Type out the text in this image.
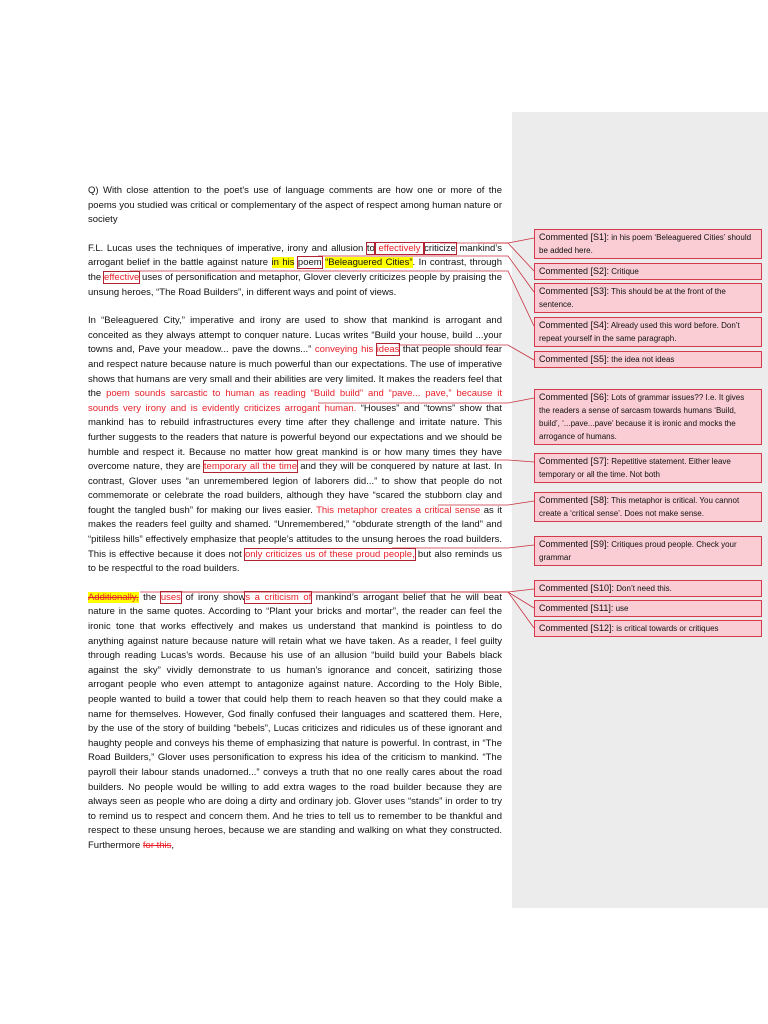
Q) With close attention to the poet's use of language comments are how one or more of the poems you studied was critical or complementary of the aspect of respect among human nature or society

F.L. Lucas uses the techniques of imperative, irony and allusion to effectively criticize mankind’s arrogant belief in the battle against nature in his poem “Beleaguered Cities”. In contrast, through the effective uses of personification and metaphor, Glover cleverly criticizes people by praising the unsung heroes, “The Road Builders”, in different ways and point of views.

In “Beleaguered City,” imperative and irony are used to show that mankind is arrogant and conceited as they always attempt to conquer nature. Lucas writes “Build your house, build ...your towns and, Pave your meadow... pave the downs...” conveying his ideas that people should fear and respect nature because nature is much powerful than our expectations. The use of imperative shows that humans are very small and their abilities are very limited. It makes the readers feel that the poem sounds sarcastic to human as reading “Build build” and “pave... pave,” because it sounds very irony and is evidently criticizes arrogant human. “Houses” and “towns” show that mankind has to rebuild infrastructures every time after they challenge and irritate nature. This further suggests to the readers that nature is powerful beyond our expectations and we should be humble and respect it. Because no matter how great mankind is or how many times they have overcome nature, they are temporary all the time and they will be conquered by nature at last. In contrast, Glover uses “an unremembered legion of laborers did...” to show that people do not commemorate or celebrate the road builders, although they have “scared the stubborn clay and fought the tangled bush” for making our lives easier. This metaphor creates a critical sense as it makes the readers feel guilty and shamed. “Unremembered,” “obdurate strength of the land” and “pitiless hills” effectively emphasize that people’s attitudes to the unsung heroes the road builders. This is effective because it does not only criticizes us of these proud people, but also reminds us to be respectful to the road builders.

Additionally, the uses of irony shows a criticism of mankind’s arrogant belief that he will beat nature in the same quotes. According to “Plant your bricks and mortar”, the reader can feel the ironic tone that works effectively and makes us understand that mankind is pointless to do anything against nature because nature will retain what we have taken. As a reader, I feel guilty through reading Lucas’s words. Because his use of an allusion “build build your Babels black against the sky” vividly demonstrate to us human’s ignorance and conceit, satirizing those arrogant people who even attempt to antagonize against nature. According to the Holy Bible, people wanted to build a tower that could help them to reach heaven so that they could make a name for themselves. However, God finally confused their languages and scattered them. Here, by the use of the story of building “bebels”, Lucas criticizes and ridicules us of these ignorant and haughty people and conveys his theme of emphasizing that nature is powerful. In contrast, in “The Road Builders,” Glover uses personification to express his idea of the criticism to mankind. “The payroll their labour stands unadorned...” conveys a truth that no one really cares about the road builders. No people would be willing to add extra wages to the road builder because they are always seen as people who are doing a dirty and ordinary job. Glover uses “stands” in order to try to remind us to respect and concern them. And he tries to tell us to remember to be thankful and respect to these unsung heroes, because we are standing and walking on what they constructed. Furthermore for this,

Commented [S1]: in his poem ‘Beleaguered Cities’ should be added here.
Commented [S2]: Critique
Commented [S3]: This should be at the front of the sentence.
Commented [S4]: Already used this word before. Don’t repeat yourself in the same paragraph.
Commented [S5]: the idea not ideas
Commented [S6]: Lots of grammar issues?? I.e. It gives the readers a sense of sarcasm towards humans ‘Build, build’, ‘...pave...pave’ because it is ironic and mocks the arrogance of humans.
Commented [S7]: Repetitive statement. Either leave temporary or all the time. Not both
Commented [S8]: This metaphor is critical. You cannot create a ‘critical sense’. Does not make sense.
Commented [S9]: Critiques proud people. Check your grammar
Commented [S10]: Don’t need this.
Commented [S11]: use
Commented [S12]: is critical towards or critiques
